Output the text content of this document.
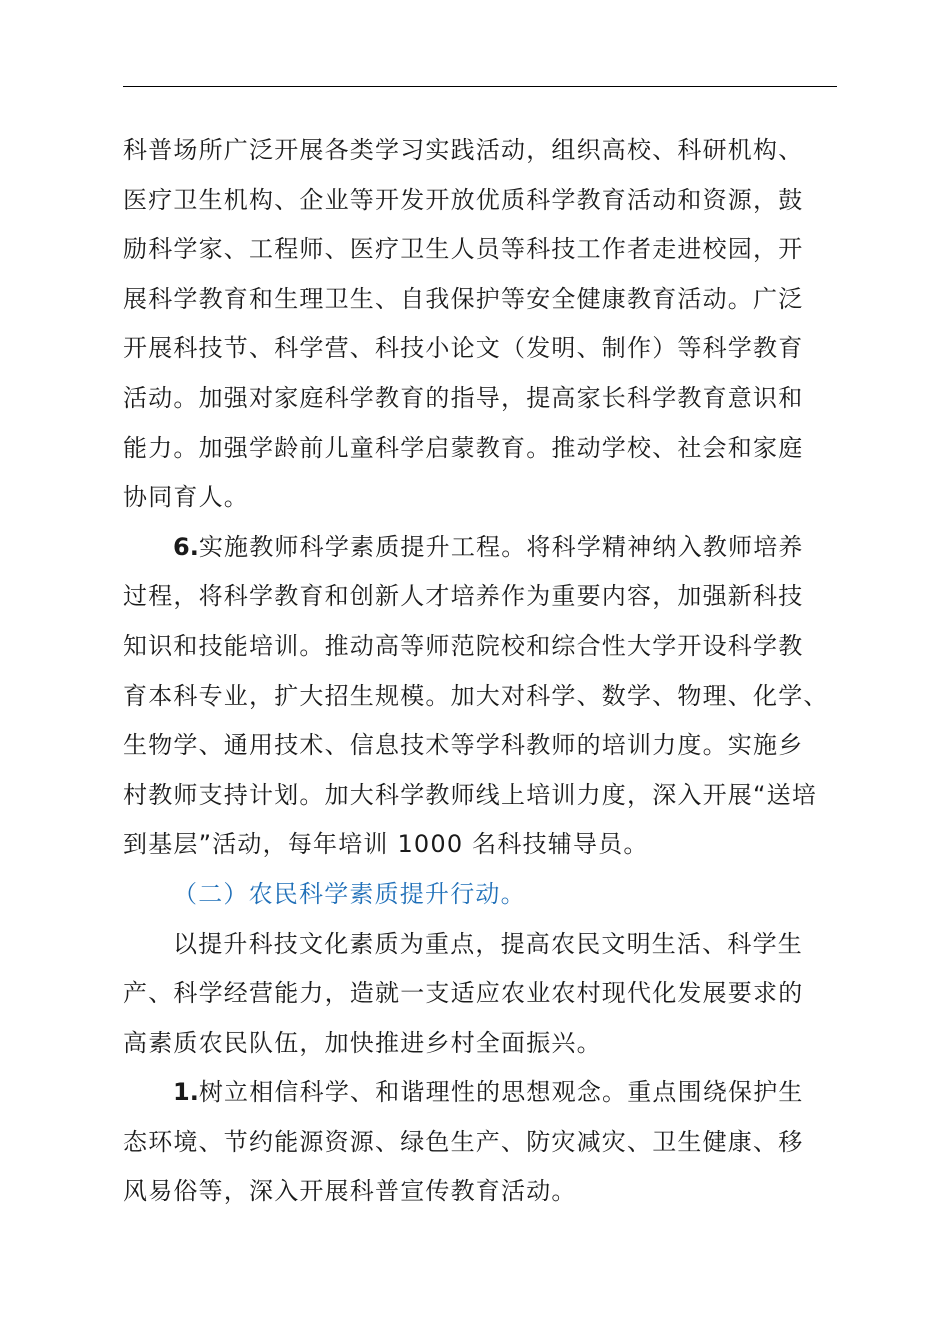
科普场所广泛开展各类学习实践活动，组织高校、科研机构、
医疗卫生机构、企业等开发开放优质科学教育活动和资源，鼓
励科学家、工程师、医疗卫生人员等科技工作者走进校园，开
展科学教育和生理卫生、自我保护等安全健康教育活动。广泛
开展科技节、科学营、科技小论文（发明、制作）等科学教育
活动。加强对家庭科学教育的指导，提高家长科学教育意识和
能力。加强学龄前儿童科学启蒙教育。推动学校、社会和家庭
协同育人。
6.实施教师科学素质提升工程。将科学精神纳入教师培养
过程，将科学教育和创新人才培养作为重要内容，加强新科技
知识和技能培训。推动高等师范院校和综合性大学开设科学教
育本科专业，扩大招生规模。加大对科学、数学、物理、化学、
生物学、通用技术、信息技术等学科教师的培训力度。实施乡
村教师支持计划。加大科学教师线上培训力度，深入开展“送培
到基层”活动，每年培训 1000 名科技辅导员。
（二）农民科学素质提升行动。
以提升科技文化素质为重点，提高农民文明生活、科学生
产、科学经营能力，造就一支适应农业农村现代化发展要求的
高素质农民队伍，加快推进乡村全面振兴。
1.树立相信科学、和谐理性的思想观念。重点围绕保护生
态环境、节约能源资源、绿色生产、防灾减灾、卫生健康、移
风易俗等，深入开展科普宣传教育活动。
